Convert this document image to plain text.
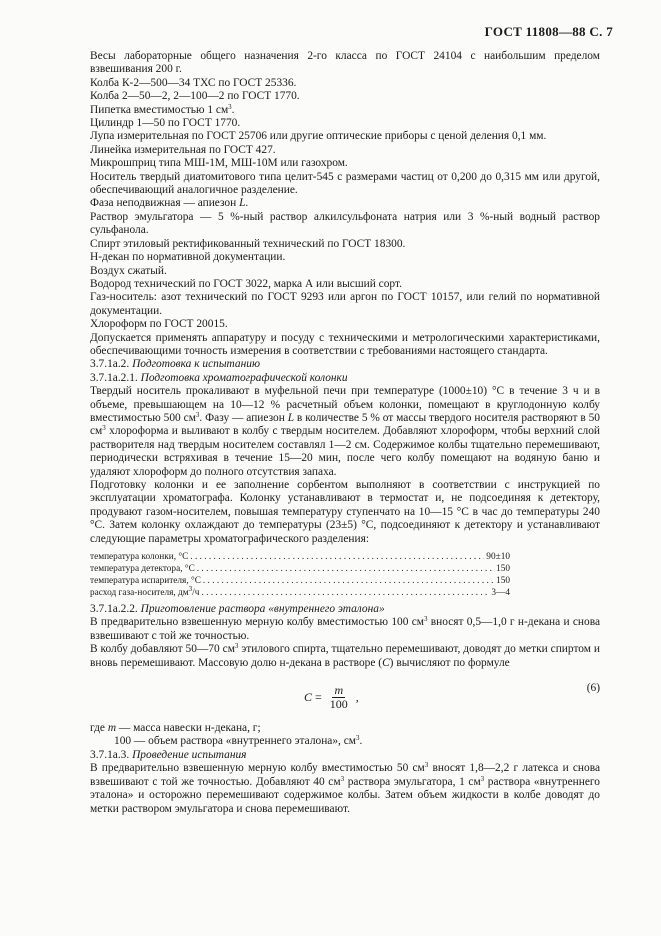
ГОСТ 11808—88 С. 7

Весы лабораторные общего назначения 2-го класса по ГОСТ 24104 с наибольшим пределом взвешивания 200 г.

Колба К-2—500—34 ТХС по ГОСТ 25336.

Колба 2—50—2, 2—100—2 по ГОСТ 1770.

Пипетка вместимостью 1 $см^3$.

Цилиндр 1—50 по ГОСТ 1770.

Лупа измерительная по ГОСТ 25706 или другие оптические приборы с ценой деления 0,1 мм.

Линейка измерительная по ГОСТ 427.

Микрошприц типа МШ-1М, МШ-10М или газохром.

Носитель твердый диатомитового типа целит-545 с размерами частиц от 0,200 до 0,315 мм или другой, обеспечивающий аналогичное разделение.

Фаза неподвижная — апиезон L.

Раствор эмульгатора — 5 %-ный раствор алкилсульфоната натрия или 3 %-ный водный раствор сульфанола.

Спирт этиловый ректификованный технический по ГОСТ 18300.

Н-декан по нормативной документации.

Воздух сжатый.

Водород технический по ГОСТ 3022, марка А или высший сорт.

Газ-носитель: азот технический по ГОСТ 9293 или аргон по ГОСТ 10157, или гелий по нормативной документации.

Хлороформ по ГОСТ 20015.

Допускается применять аппаратуру и посуду с техническими и метрологическими характеристиками, обеспечивающими точность измерения в соответствии с требованиями настоящего стандарта.

3.7.1а.2. Подготовка к испытанию

3.7.1а.2.1. Подготовка хроматографической колонки

Твердый носитель прокаливают в муфельной печи при температуре (1000±10) °С в течение 3 ч и в объеме, превышающем на 10—12 % расчетный объем колонки, помещают в круглодонную колбу вместимостью 500 $см^3$. Фазу — апиезон L в количестве 5 % от массы твердого носителя растворяют в 50 $см^3$ хлороформа и выливают в колбу с твердым носителем. Добавляют хлороформ, чтобы верхний слой растворителя над твердым носителем составлял 1—2 см. Содержимое колбы тщательно перемешивают, периодически встряхивая в течение 15—20 мин, после чего колбу помещают на водяную баню и удаляют хлороформ до полного отсутствия запаха.

Подготовку колонки и ее заполнение сорбентом выполняют в соответствии с инструкцией по эксплуатации хроматографа. Колонку устанавливают в термостат и, не подсоединяя к детектору, продувают газом-носителем, повышая температуру ступенчато на 10—15 °С в час до температуры 240 °С. Затем колонку охлаждают до температуры (23±5) °С, подсоединяют к детектору и устанавливают следующие параметры хроматографического разделения:

температура колонки, °С . . .	90±10
температура детектора, °С . . .	150
температура испарителя, °С . . .	150
расход газа-носителя, $дм^3/ч$ . . .	3—4

3.7.1а.2.2. Приготовление раствора «внутреннего эталона»

В предварительно взвешенную мерную колбу вместимостью 100 $см^3$ вносят 0,5—1,0 г н-декана и снова взвешивают с той же точностью.

В колбу добавляют 50—70 $см^3$ этилового спирта, тщательно перемешивают, доводят до метки спиртом и вновь перемешивают. Массовую долю н-декана в растворе (С) вычисляют по формуле

$C = \frac{m}{100}$ ,
(6)

где m — масса навески н-декана, г;

100 — объем раствора «внутреннего эталона», $см^3$.

3.7.1а.3. Проведение испытания

В предварительно взвешенную мерную колбу вместимостью 50 $см^3$ вносят 1,8—2,2 г латекса и снова взвешивают с той же точностью. Добавляют 40 $см^3$ раствора эмульгатора, 1 $см^3$ раствора «внутреннего эталона» и осторожно перемешивают содержимое колбы. Затем объем жидкости в колбе доводят до метки раствором эмульгатора и снова перемешивают.
